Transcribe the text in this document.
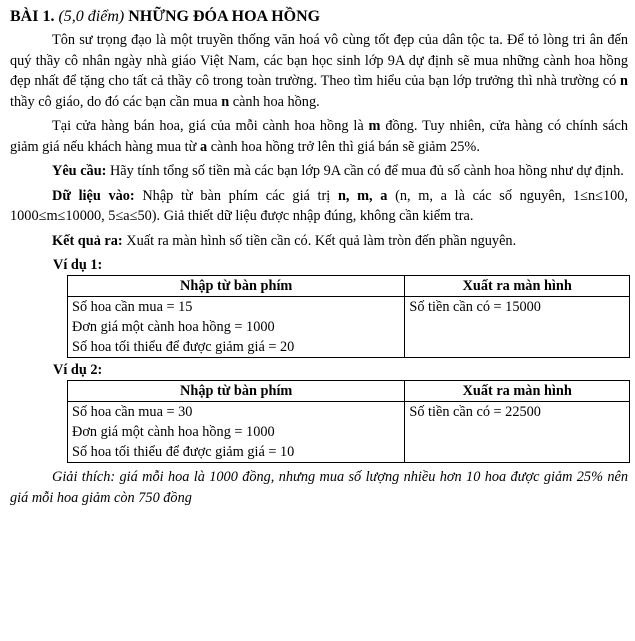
BÀI 1. (5,0 điểm) NHỮNG ĐÓA HOA HỒNG

Tôn sư trọng đạo là một truyền thống văn hoá vô cùng tốt đẹp của dân tộc ta. Để tỏ lòng tri ân đến quý thầy cô nhân ngày nhà giáo Việt Nam, các bạn học sinh lớp 9A dự định sẽ mua những cành hoa hồng đẹp nhất để tặng cho tất cả thầy cô trong toàn trường. Theo tìm hiểu của bạn lớp trưởng thì nhà trường có n thầy cô giáo, do đó các bạn cần mua n cành hoa hồng.

Tại cửa hàng bán hoa, giá của mỗi cành hoa hồng là m đồng. Tuy nhiên, cửa hàng có chính sách giảm giá nếu khách hàng mua từ a cành hoa hồng trở lên thì giá bán sẽ giảm 25%.

Yêu cầu: Hãy tính tổng số tiền mà các bạn lớp 9A cần có để mua đủ số cành hoa hồng như dự định.

Dữ liệu vào: Nhập từ bàn phím các giá trị n, m, a (n, m, a là các số nguyên, 1≤n≤100, 1000≤m≤10000, 5≤a≤50). Giả thiết dữ liệu được nhập đúng, không cần kiểm tra.

Kết quả ra: Xuất ra màn hình số tiền cần có. Kết quả làm tròn đến phần nguyên.

Ví dụ 1:
Nhập từ bàn phím	Xuất ra màn hình

Số hoa cần mua = 15
Đơn giá một cành hoa hồng = 1000
Số hoa tối thiểu để được giảm giá = 20	Số tiền cần có = 15000
Ví dụ 2:
Nhập từ bàn phím	Xuất ra màn hình

Số hoa cần mua = 30
Đơn giá một cành hoa hồng = 1000
Số hoa tối thiểu để được giảm giá = 10	Số tiền cần có = 22500
Giải thích: giá mỗi hoa là 1000 đồng, nhưng mua số lượng nhiều hơn 10 hoa được giảm 25% nên giá mỗi hoa giảm còn 750 đồng
